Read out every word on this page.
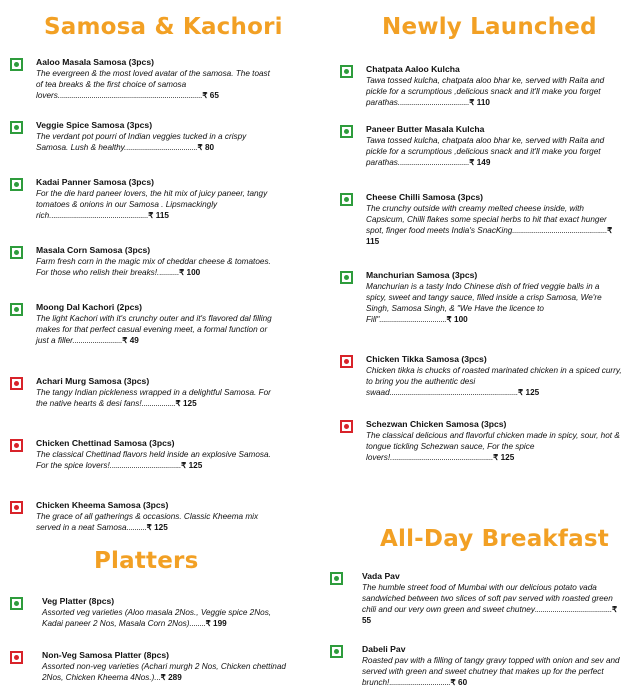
Samosa & Kachori	Newly Launched
Platters
All-Day Breakfast
Aaloo Masala Samosa (3pcs)
The evergreen & the most loved avatar of the samosa. The toast of tea breaks & the first choice of samosa lovers.........................................................................₹ 65
Veggie Spice Samosa (3pcs)
The verdant pot pourri of Indian veggies tucked in a crispy Samosa. Lush & healthy.....................................₹ 80
Kadai Panner Samosa (3pcs)
For the die hard paneer lovers, the hit mix of juicy paneer, tangy tomatoes & onions in our Samosa . Lipsmackingly rich..................................................₹ 115
Masala Corn Samosa (3pcs)
Farm fresh corn in the magic mix of cheddar cheese & tomatoes. For those who relish their breaks!...........₹ 100
Moong Dal Kachori (2pcs)
The light Kachori with it's crunchy outer and it's flavored dal filling makes for that perfect casual evening meet, a formal function or just a filler.........................₹ 49
Achari Murg Samosa (3pcs)
The tangy Indian pickleness wrapped in a delightful Samosa. For the native hearts & desi fans!.................₹ 125
Chicken Chettinad Samosa (3pcs)
The classical Chettinad flavors held inside an explosive Samosa. For the spice lovers!....................................₹ 125
Chicken Kheema Samosa (3pcs)
The grace of all gatherings & occasions. Classic Kheema mix served in a neat Samosa..........₹ 125
Veg Platter (8pcs)
Assorted veg varieties (Aloo masala 2Nos., Veggie spice 2Nos, Kadai paneer 2 Nos, Masala Corn 2Nos)........₹ 199
Non-Veg Samosa Platter (8pcs)
Assorted non-veg varieties (Achari murgh 2 Nos, Chicken chettinad 2Nos, Chicken Kheema 4Nos.)...₹ 289
Chatpata Aaloo Kulcha
Tawa tossed kulcha, chatpata aloo bhar ke, served with Raita and pickle for a scrumptious ,delicious snack and it'll make you forget parathas....................................₹ 110
Paneer Butter Masala Kulcha
Tawa tossed kulcha, chatpata aloo bhar ke, served with Raita and pickle for a scrumptious ,delicious snack and it'll make you forget parathas....................................₹ 149
Cheese Chilli Samosa (3pcs)
The crunchy outside with creamy melted cheese inside, with Capsicum, Chilli flakes some special herbs to hit that exact hunger spot, finger food meets India's SnacKing................................................₹ 115
Manchurian Samosa (3pcs)
Manchurian is a tasty Indo Chinese dish of fried veggie balls in a spicy, sweet and tangy sauce, filled inside a crisp Samosa, We're Singh, Samosa Singh, & "We Have the licence to Fill"..................................₹ 100
Chicken Tikka Samosa (3pcs)
Chicken tikka is chucks of roasted marinated chicken in a spiced curry, to bring you the authentic desi swaad.................................................................₹ 125
Schezwan Chicken Samosa (3pcs)
The classical delicious and flavorful chicken made in spicy, sour, hot & tongue tickling Schezwan sauce, For the spice lovers!....................................................₹ 125
Vada Pav
The humble street food of Mumbai with our delicious potato vada sandwiched between two slices of soft pav served with roasted green chili and our very own green and sweet chutney.......................................₹ 55
Dabeli Pav
Roasted pav with a filling of tangy gravy topped with onion and sev and served with green and sweet chutney that makes up for the perfect brunch!...............................₹ 60
